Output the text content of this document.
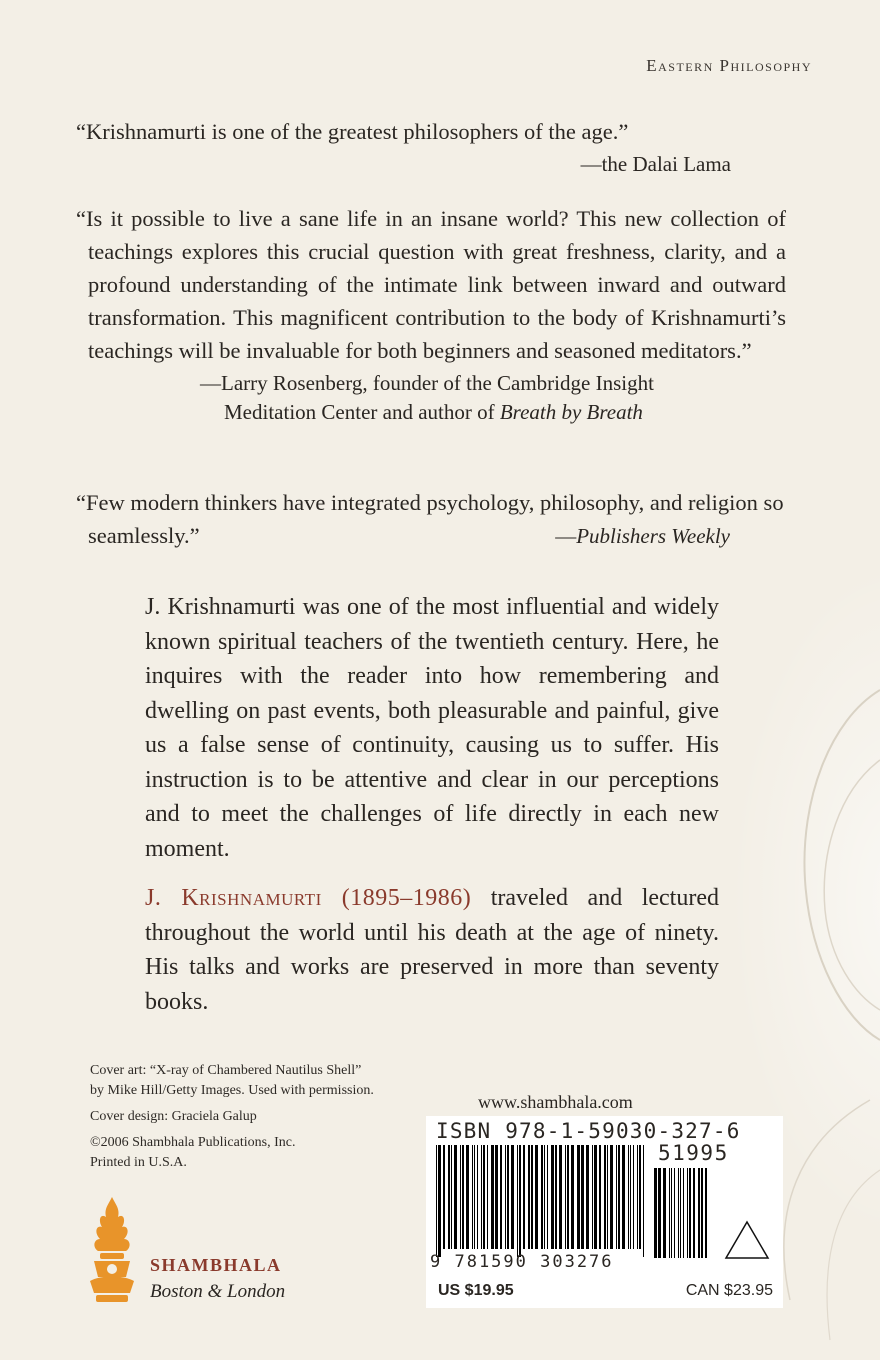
Eastern Philosophy

“Krishnamurti is one of the greatest philosophers of the age.”

—the Dalai Lama

“Is it possible to live a sane life in an insane world? This new collection of teachings explores this crucial question with great freshness, clarity, and a profound understanding of the intimate link between inward and outward transformation. This magnificent contribution to the body of Krishnamurti’s teachings will be invaluable for both beginners and seasoned meditators.”

—Larry Rosenberg, founder of the Cambridge Insight
Meditation Center and author of Breath by Breath

“Few modern thinkers have integrated psychology, philosophy, and religion so seamlessly.”	—Publishers Weekly

J. Krishnamurti was one of the most influential and widely known spiritual teachers of the twentieth century. Here, he inquires with the reader into how remembering and dwelling on past events, both pleasurable and painful, give us a false sense of continuity, causing us to suffer. His instruction is to be attentive and clear in our perceptions and to meet the challenges of life directly in each new moment.

J. Krishnamurti (1895–1986) traveled and lectured throughout the world until his death at the age of ninety. His talks and works are preserved in more than seventy books.

Cover art: “X-ray of Chambered Nautilus Shell”
by Mike Hill/Getty Images. Used with permission.
Cover design: Graciela Galup
©2006 Shambhala Publications, Inc.
Printed in U.S.A.
www.shambhala.com
ISBN 978-1-59030-327-6
51995
9 781590 303276
US $19.95	CAN $23.95
SHAMBHALA
Boston & London
